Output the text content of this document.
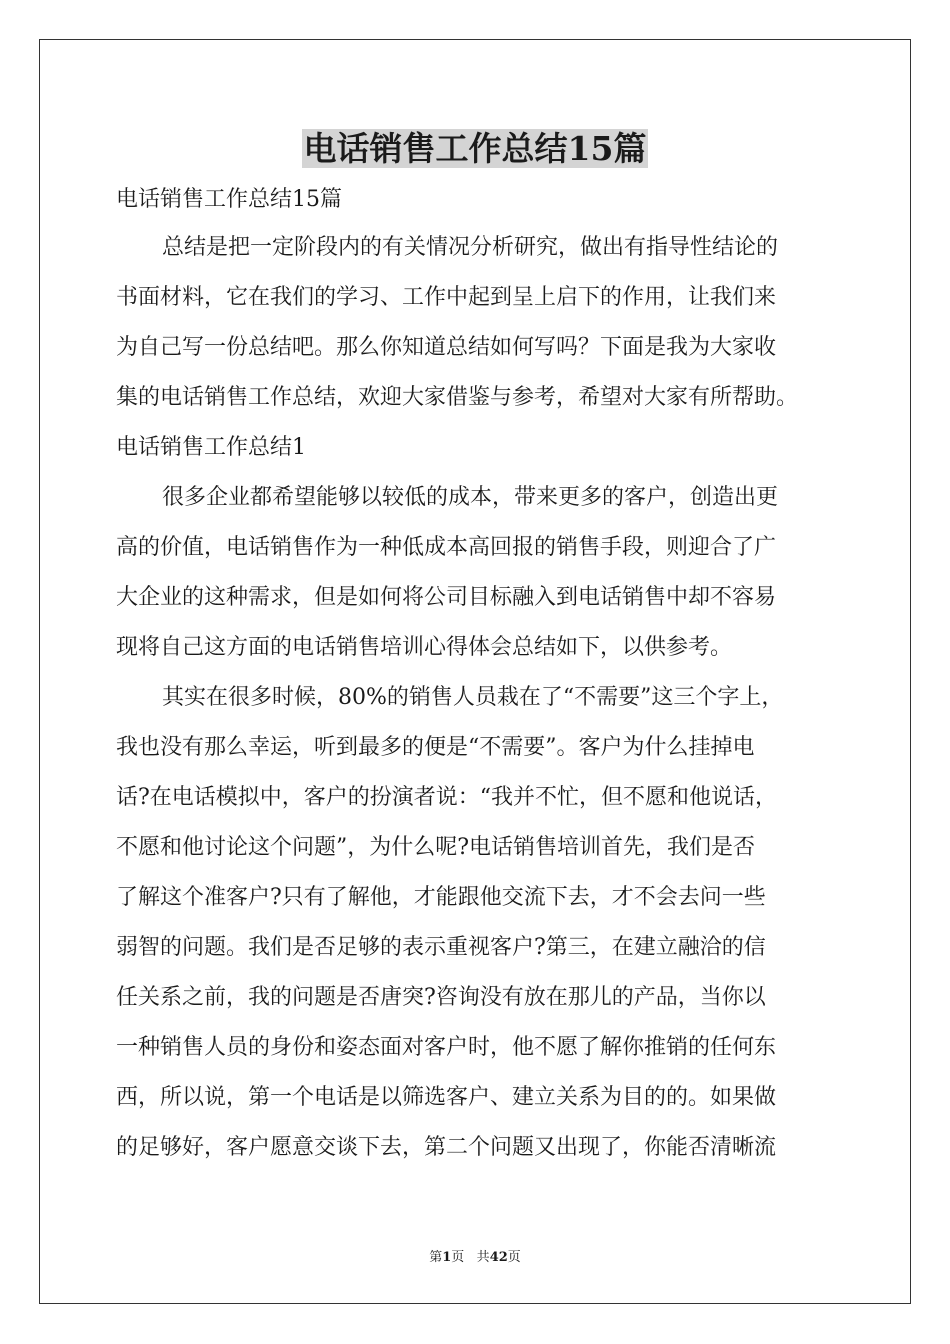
电话销售工作总结15篇

电话销售工作总结15篇

总结是把一定阶段内的有关情况分析研究，做出有指导性结论的

书面材料，它在我们的学习、工作中起到呈上启下的作用，让我们来

为自己写一份总结吧。那么你知道总结如何写吗？下面是我为大家收

集的电话销售工作总结，欢迎大家借鉴与参考，希望对大家有所帮助。

电话销售工作总结1

很多企业都希望能够以较低的成本，带来更多的客户，创造出更

高的价值，电话销售作为一种低成本高回报的销售手段，则迎合了广

大企业的这种需求，但是如何将公司目标融入到电话销售中却不容易

现将自己这方面的电话销售培训心得体会总结如下，以供参考。

其实在很多时候，80%的销售人员栽在了“不需要”这三个字上，

我也没有那么幸运，听到最多的便是“不需要”。客户为什么挂掉电

话?在电话模拟中，客户的扮演者说：“我并不忙，但不愿和他说话，

不愿和他讨论这个问题”，为什么呢?电话销售培训首先，我们是否

了解这个准客户?只有了解他，才能跟他交流下去，才不会去问一些

弱智的问题。我们是否足够的表示重视客户?第三，在建立融洽的信

任关系之前，我的问题是否唐突?咨询没有放在那儿的产品，当你以

一种销售人员的身份和姿态面对客户时，他不愿了解你推销的任何东

西，所以说，第一个电话是以筛选客户、建立关系为目的的。如果做

的足够好，客户愿意交谈下去，第二个问题又出现了，你能否清晰流

第1页 共42页
